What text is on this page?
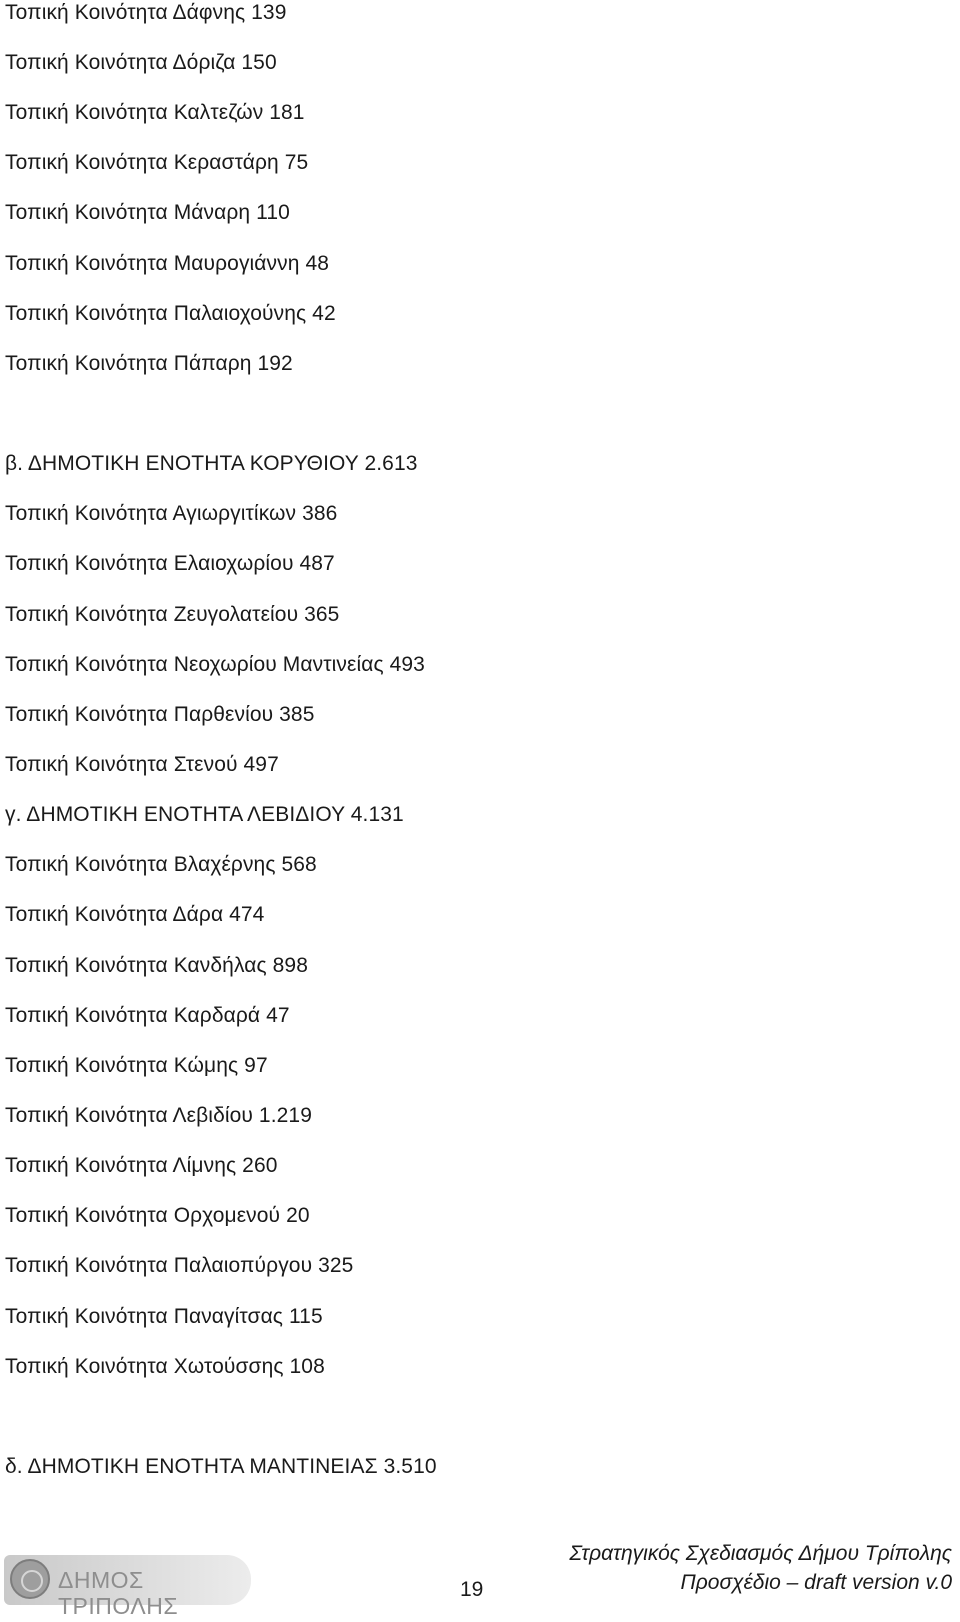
Τοπική Κοινότητα Δάφνης 139
Τοπική Κοινότητα Δόριζα 150
Τοπική Κοινότητα Καλτεζών 181
Τοπική Κοινότητα Κεραστάρη 75
Τοπική Κοινότητα Μάναρη 110
Τοπική Κοινότητα Μαυρογιάννη 48
Τοπική Κοινότητα Παλαιοχούνης 42
Τοπική Κοινότητα Πάπαρη 192
β. ΔΗΜΟΤΙΚΗ ΕΝΟΤΗΤΑ ΚΟΡΥΘΙΟΥ 2.613
Τοπική Κοινότητα Αγιωργιτίκων 386
Τοπική Κοινότητα Ελαιοχωρίου 487
Τοπική Κοινότητα Ζευγολατείου 365
Τοπική Κοινότητα Νεοχωρίου Μαντινείας 493
Τοπική Κοινότητα Παρθενίου 385
Τοπική Κοινότητα Στενού 497
γ. ΔΗΜΟΤΙΚΗ ΕΝΟΤΗΤΑ ΛΕΒΙΔΙΟΥ 4.131
Τοπική Κοινότητα Βλαχέρνης 568
Τοπική Κοινότητα Δάρα 474
Τοπική Κοινότητα Κανδήλας 898
Τοπική Κοινότητα Καρδαρά 47
Τοπική Κοινότητα Κώμης 97
Τοπική Κοινότητα Λεβιδίου 1.219
Τοπική Κοινότητα Λίμνης 260
Τοπική Κοινότητα Ορχομενού 20
Τοπική Κοινότητα Παλαιοπύργου 325
Τοπική Κοινότητα Παναγίτσας 115
Τοπική Κοινότητα Χωτούσσης 108
δ. ΔΗΜΟΤΙΚΗ ΕΝΟΤΗΤΑ ΜΑΝΤΙΝΕΙΑΣ 3.510
ΔΗΜΟΣ ΤΡΙΠΟΛΗΣ
19
Στρατηγικός Σχεδιασμός Δήμου Τρίπολης
Προσχέδιο – draft version v.0
